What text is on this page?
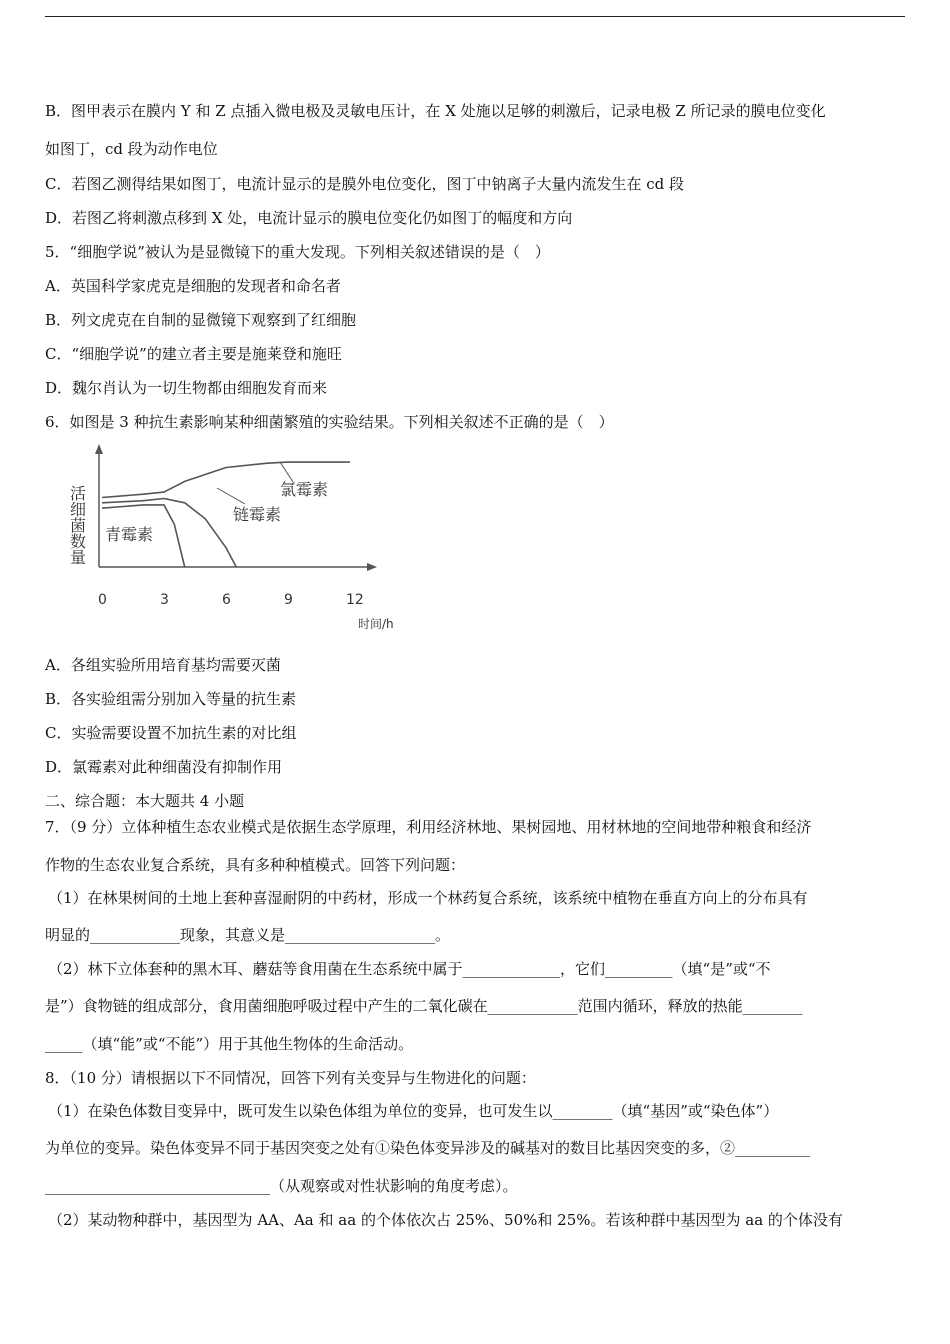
B．图甲表示在膜内 Y 和 Z 点插入微电极及灵敏电压计，在 X 处施以足够的刺激后，记录电极 Z 所记录的膜电位变化
如图丁，cd 段为动作电位
C．若图乙测得结果如图丁，电流计显示的是膜外电位变化，图丁中钠离子大量内流发生在 cd 段
D．若图乙将刺激点移到 X 处，电流计显示的膜电位变化仍如图丁的幅度和方向
5．“细胞学说”被认为是显微镜下的重大发现。下列相关叙述错误的是（　）
A．英国科学家虎克是细胞的发现者和命名者
B．列文虎克在自制的显微镜下观察到了红细胞
C．“细胞学说”的建立者主要是施莱登和施旺
D．魏尔肖认为一切生物都由细胞发育而来
6．如图是 3 种抗生素影响某种细菌繁殖的实验结果。下列相关叙述不正确的是（　）
活细菌数量
0	3	6	9	12
氯霉素
链霉素
青霉素
时间/h
A．各组实验所用培育基均需要灭菌
B．各实验组需分别加入等量的抗生素
C．实验需要设置不加抗生素的对比组
D．氯霉素对此种细菌没有抑制作用
二、综合题：本大题共 4 小题
7．（9 分）立体种植生态农业模式是依据生态学原理，利用经济林地、果树园地、用材林地的空间地带种粮食和经济
作物的生态农业复合系统，具有多种种植模式。回答下列问题：
（1）在林果树间的土地上套种喜湿耐阴的中药材，形成一个林药复合系统，该系统中植物在垂直方向上的分布具有
明显的____________现象，其意义是____________________。
（2）林下立体套种的黑木耳、蘑菇等食用菌在生态系统中属于_____________，它们_________（填“是”或“不
是”）食物链的组成部分，食用菌细胞呼吸过程中产生的二氧化碳在____________范围内循环，释放的热能________
_____（填“能”或“不能”）用于其他生物体的生命活动。
8．（10 分）请根据以下不同情况，回答下列有关变异与生物进化的问题：
（1）在染色体数目变异中，既可发生以染色体组为单位的变异，也可发生以________（填“基因”或“染色体”）
为单位的变异。染色体变异不同于基因突变之处有①染色体变异涉及的碱基对的数目比基因突变的多，②__________
______________________________（从观察或对性状影响的角度考虑）。
（2）某动物种群中，基因型为 AA、Aa 和 aa 的个体依次占 25%、50%和 25%。若该种群中基因型为 aa 的个体没有
